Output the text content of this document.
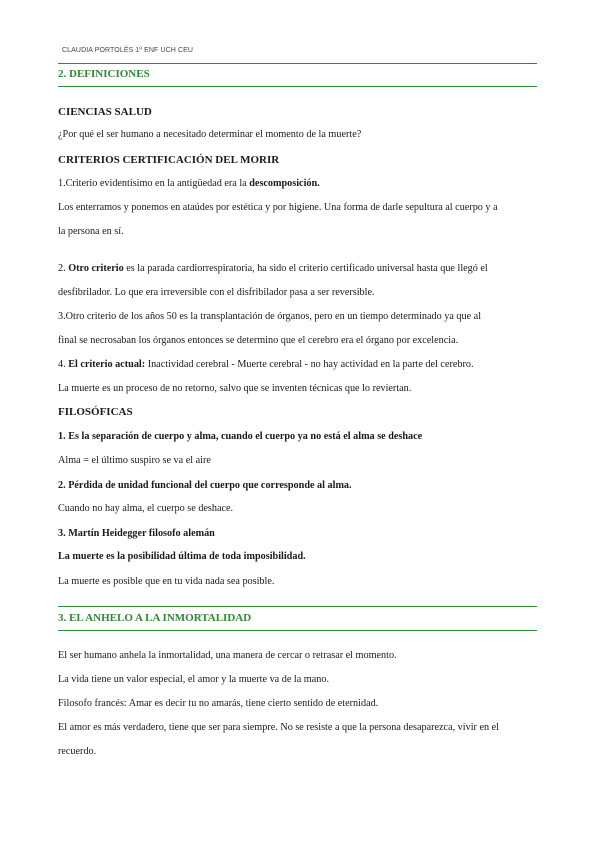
CLAUDIA PORTOLÉS 1º ENF UCH CEU
2. DEFINICIONES
CIENCIAS SALUD
¿Por qué el ser humano a necesitado determinar el momento de la muerte?
CRITERIOS CERTIFICACIÓN DEL MORIR
1.Criterio evidentísimo en la antigüedad era la descomposición.
Los enterramos y ponemos en ataúdes por estética y por higiene. Una forma de darle sepultura al cuerpo y a
la persona en sí.
2. Otro criterio es la parada cardiorrespiratoria, ha sido el criterio certificado universal hasta que llegó el
desfibrilador. Lo que era irreversible con el disfribilador pasa a ser reversible.
3.Otro criterio de los años 50 es la transplantación de órganos, pero en un tiempo determinado ya que al
final se necrosaban los órganos entonces se determino que el cerebro era el órgano por excelencia.
4. El criterio actual: Inactividad cerebral - Muerte cerebral - no hay actividad en la parte del cerebro.
La muerte es un proceso de no retorno, salvo que se inventen técnicas que lo reviertan.
FILOSÓFICAS
1. Es la separación de cuerpo y alma, cuando el cuerpo ya no está el alma se deshace
Alma = el último suspiro se va el aire
2. Pérdida de unidad funcional del cuerpo que corresponde al alma.
Cuando no hay alma, el cuerpo se deshace.
3. Martín Heidegger filosofo alemán
La muerte es la posibilidad última de toda imposibilidad.
La muerte es posible que en tu vida nada sea posible.
3. EL ANHELO A LA INMORTALIDAD
El ser humano anhela la inmortalidad, una manera de cercar o retrasar el momento.
La vida tiene un valor especial, el amor y la muerte va de la mano.
Filosofo francés: Amar es decir tu no amarás, tiene cierto sentido de eternidad.
El amor es más verdadero, tiene que ser para siempre. No se resiste a que la persona desaparezca, vivir en el
recuerdo.
